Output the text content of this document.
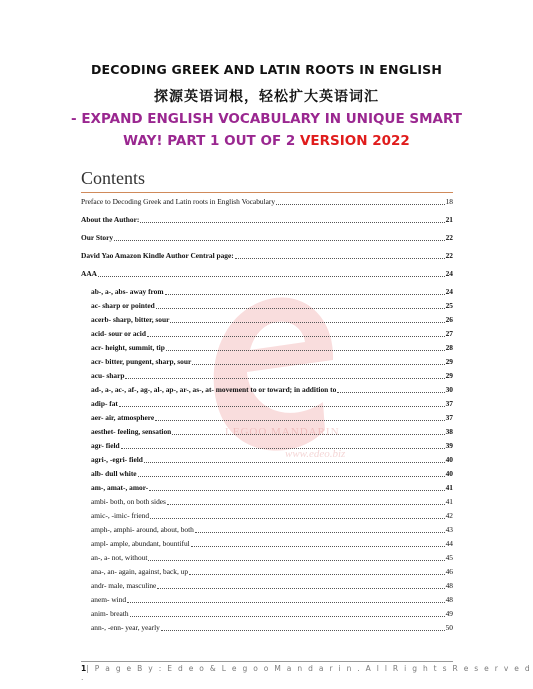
DECODING GREEK AND LATIN ROOTS IN ENGLISH
探源英语词根，轻松扩大英语词汇
- EXPAND ENGLISH VOCABULARY IN UNIQUE SMART
WAY! PART 1 OUT OF 2 VERSION 2022
LEGOO MANDARIN
www.edeo.biz
Contents
Preface to Decoding Greek and Latin roots in English Vocabulary	18
About the Author:	21
Our Story	22
David Yao Amazon Kindle Author Central page:	22
AAA	24
ab-, a-, abs- away from	24
ac- sharp or pointed	25
acerb- sharp, bitter, sour	26
acid- sour or acid	27
acr- height, summit, tip	28
acr- bitter, pungent, sharp, sour	29
acu- sharp	29
ad-, a-, ac-, af-, ag-, al-, ap-, ar-, as-, at- movement to or toward; in addition to	30
adip- fat	37
aer- air, atmosphere	37
aesthet- feeling, sensation	38
agr- field	39
agri-, -egri- field	40
alb- dull white	40
am-, amat-, amor-	41
ambi- both, on both sides	41
amic-, -imic- friend	42
amph-, amphi- around, about, both	43
ampl- ample, abundant, bountiful	44
an-, a- not, without	45
ana-, an- again, against, back, up	46
andr- male, masculine	48
anem- wind	48
anim- breath	49
ann-, -enn- year, yearly	50
1| P a g e B y : E d e o & L e g o o M a n d a r i n . A l l R i g h t s R e s e r v e d .
